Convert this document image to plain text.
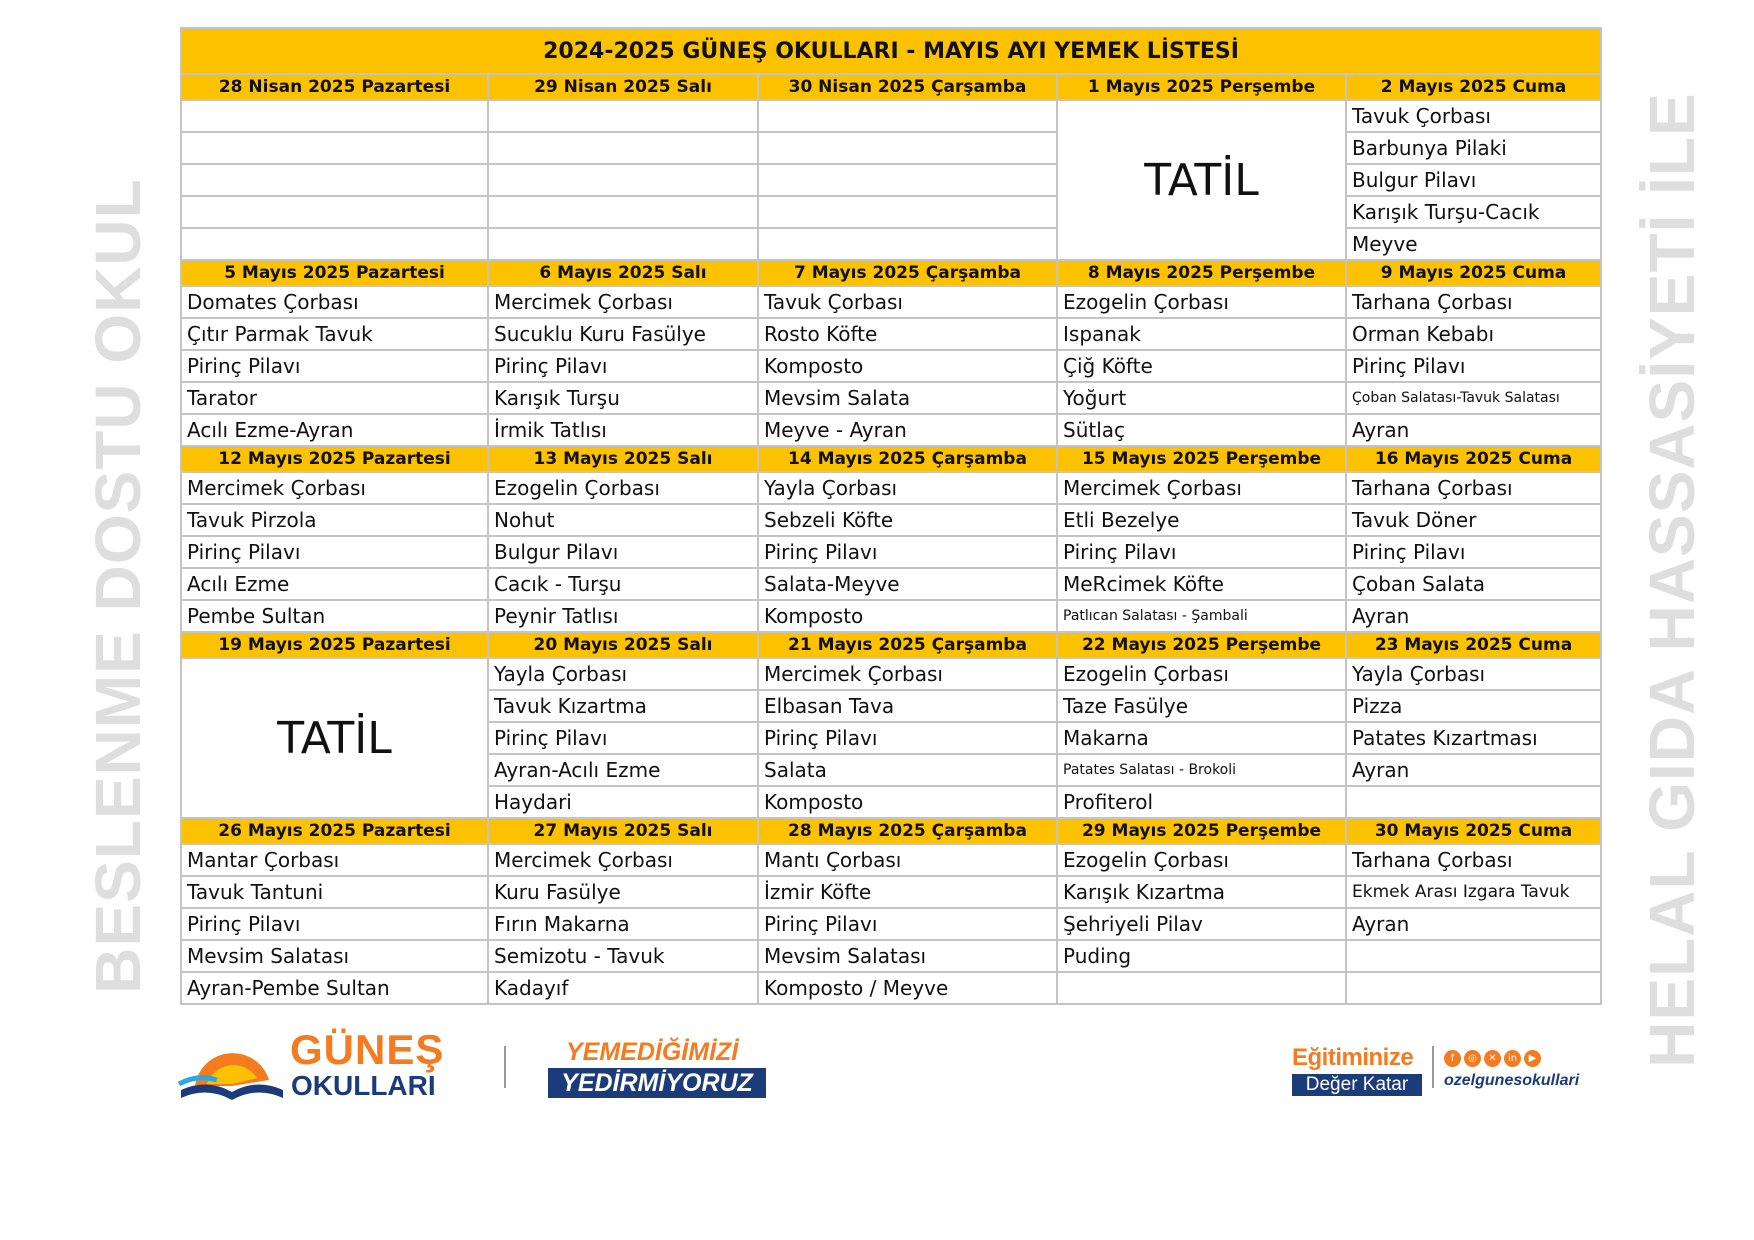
BESLENME DOSTU OKUL	HELAL GIDA HASSASİYETİ İLE
2024-2025 GÜNEŞ OKULLARI - MAYIS AYI YEMEK LİSTESİ				
28 Nisan 2025 Pazartesi	29 Nisan 2025 Salı	30 Nisan 2025 Çarşamba	1 Mayıs 2025 Perşembe	2 Mayıs 2025 Cuma
			TATİL	Tavuk Çorbası
				Barbunya Pilaki
				Bulgur Pilavı
				Karışık Turşu-Cacık
				Meyve
5 Mayıs 2025 Pazartesi	6 Mayıs 2025 Salı	7 Mayıs 2025 Çarşamba	8 Mayıs 2025 Perşembe	9 Mayıs 2025 Cuma
Domates Çorbası	Mercimek Çorbası	Tavuk Çorbası	Ezogelin Çorbası	Tarhana Çorbası
Çıtır Parmak Tavuk	Sucuklu Kuru Fasülye	Rosto Köfte	Ispanak	Orman Kebabı
Pirinç Pilavı	Pirinç Pilavı	Komposto	Çiğ Köfte	Pirinç Pilavı
Tarator	Karışık Turşu	Mevsim Salata	Yoğurt	Çoban Salatası-Tavuk Salatası
Acılı Ezme-Ayran	İrmik Tatlısı	Meyve - Ayran	Sütlaç	Ayran
12 Mayıs 2025 Pazartesi	13 Mayıs 2025 Salı	14 Mayıs 2025 Çarşamba	15 Mayıs 2025 Perşembe	16 Mayıs 2025 Cuma
Mercimek Çorbası	Ezogelin Çorbası	Yayla Çorbası	Mercimek Çorbası	Tarhana Çorbası
Tavuk Pirzola	Nohut	Sebzeli Köfte	Etli Bezelye	Tavuk Döner
Pirinç Pilavı	Bulgur Pilavı	Pirinç Pilavı	Pirinç Pilavı	Pirinç Pilavı
Acılı Ezme	Cacık - Turşu	Salata-Meyve	MeRcimek Köfte	Çoban Salata
Pembe Sultan	Peynir Tatlısı	Komposto	Patlıcan Salatası - Şambali	Ayran
19 Mayıs 2025 Pazartesi	20 Mayıs 2025 Salı	21 Mayıs 2025 Çarşamba	22 Mayıs 2025 Perşembe	23 Mayıs 2025 Cuma
TATİL	Yayla Çorbası	Mercimek Çorbası	Ezogelin Çorbası	Yayla Çorbası
	Tavuk Kızartma	Elbasan Tava	Taze Fasülye	Pizza
	Pirinç Pilavı	Pirinç Pilavı	Makarna	Patates Kızartması
	Ayran-Acılı Ezme	Salata	Patates Salatası - Brokoli	Ayran
	Haydari	Komposto	Profiterol	
26 Mayıs 2025 Pazartesi	27 Mayıs 2025 Salı	28 Mayıs 2025 Çarşamba	29 Mayıs 2025 Perşembe	30 Mayıs 2025 Cuma
Mantar Çorbası	Mercimek Çorbası	Mantı Çorbası	Ezogelin Çorbası	Tarhana Çorbası
Tavuk Tantuni	Kuru Fasülye	İzmir Köfte	Karışık Kızartma	Ekmek Arası Izgara Tavuk
Pirinç Pilavı	Fırın Makarna	Pirinç Pilavı	Şehriyeli Pilav	Ayran
Mevsim Salatası	Semizotu - Tavuk	Mevsim Salatası	Puding	
Ayran-Pembe Sultan	Kadayıf	Komposto / Meyve		
GÜNEŞ
OKULLARI
YEMEDİĞİMİZİ
YEDİRMİYORUZ
Eğitiminize
Değer Katar
f	◎	✕	in	▶
ozelgunesokullari
